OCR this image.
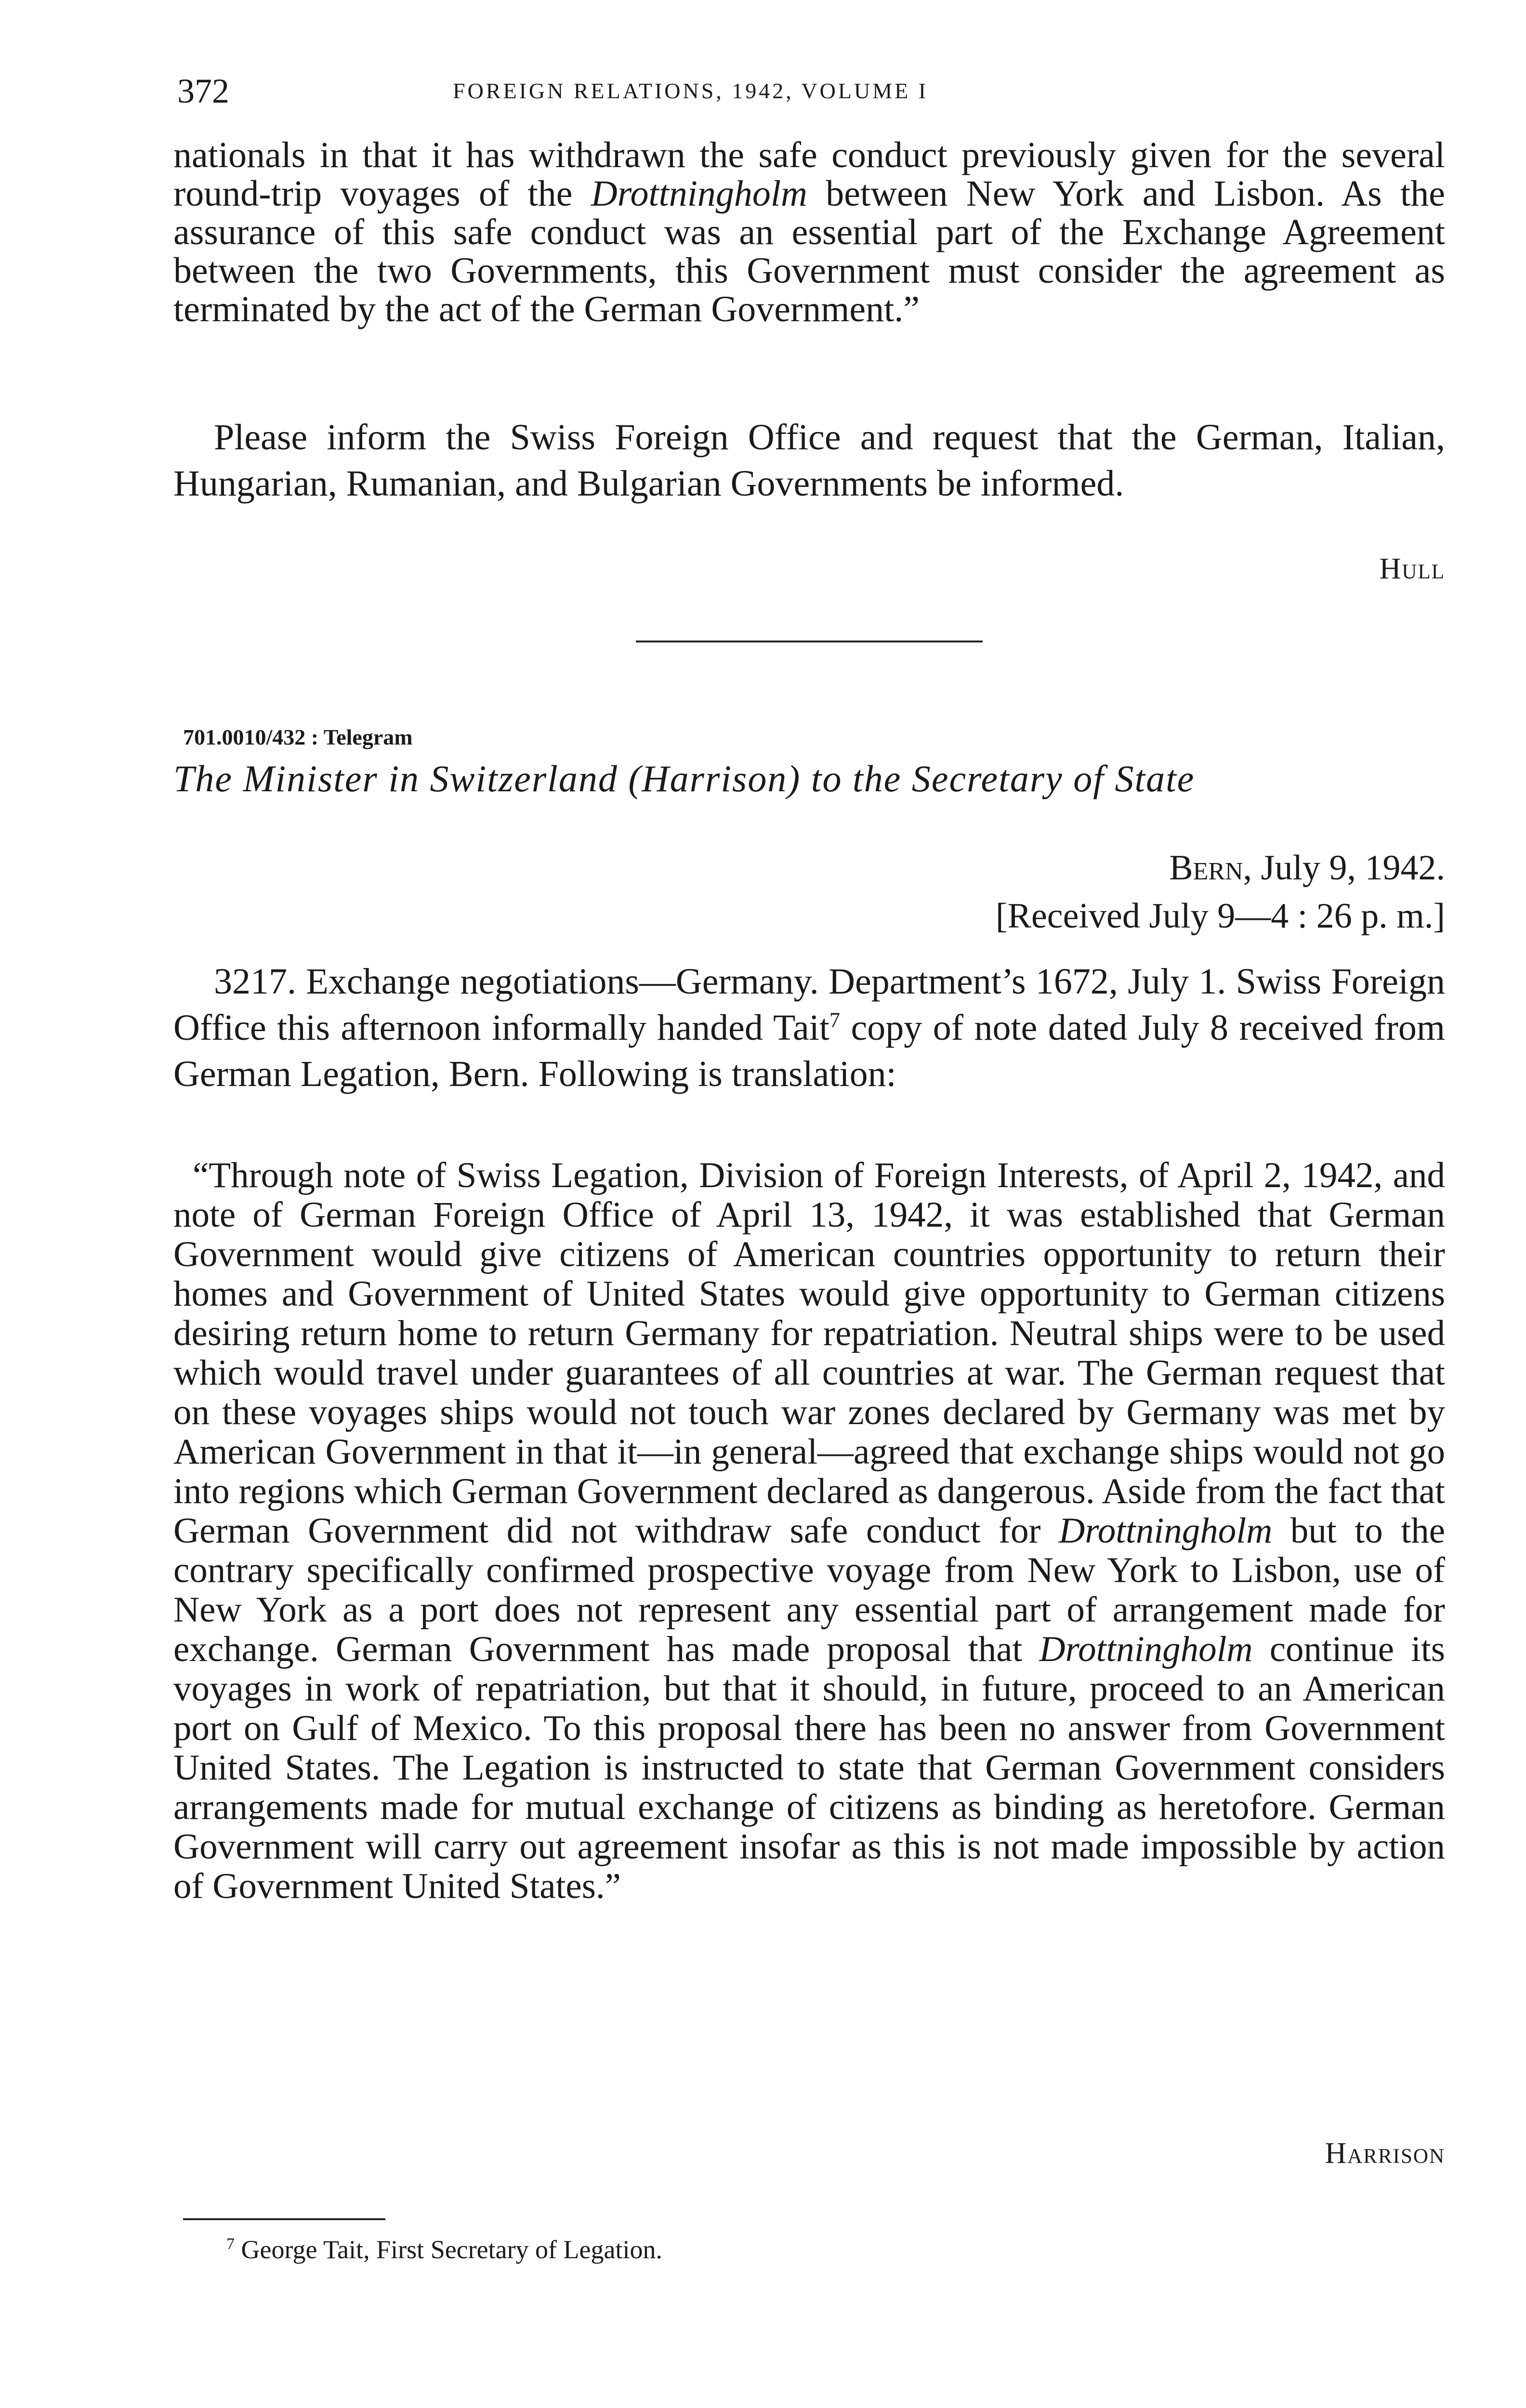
372	FOREIGN RELATIONS, 1942, VOLUME I

nationals in that it has withdrawn the safe conduct previously given for the several round-trip voyages of the Drottningholm between New York and Lisbon. As the assurance of this safe conduct was an essential part of the Exchange Agreement between the two Governments, this Government must consider the agreement as terminated by the act of the German Government.”

Please inform the Swiss Foreign Office and request that the German, Italian, Hungarian, Rumanian, and Bulgarian Governments be informed.

Hull
701.0010/432 : Telegram
The Minister in Switzerland (Harrison) to the Secretary of State
Bern, July 9, 1942.
[Received July 9—4 : 26 p. m.]

3217. Exchange negotiations—Germany. Department’s 1672, July 1. Swiss Foreign Office this afternoon informally handed Tait$^7$ copy of note dated July 8 received from German Legation, Bern. Following is translation:

“Through note of Swiss Legation, Division of Foreign Interests, of April 2, 1942, and note of German Foreign Office of April 13, 1942, it was established that German Government would give citizens of American countries opportunity to return their homes and Government of United States would give opportunity to German citizens desiring return home to return Germany for repatriation. Neutral ships were to be used which would travel under guarantees of all countries at war. The German request that on these voyages ships would not touch war zones declared by Germany was met by American Government in that it—in general—agreed that exchange ships would not go into regions which German Government declared as dangerous. Aside from the fact that German Government did not withdraw safe conduct for Drottningholm but to the contrary specifically confirmed prospective voyage from New York to Lisbon, use of New York as a port does not represent any essential part of arrangement made for exchange. German Government has made proposal that Drottningholm continue its voyages in work of repatriation, but that it should, in future, proceed to an American port on Gulf of Mexico. To this proposal there has been no answer from Government United States. The Legation is instructed to state that German Government considers arrangements made for mutual exchange of citizens as binding as heretofore. German Government will carry out agreement insofar as this is not made impossible by action of Government United States.”

Harrison
$^7$ George Tait, First Secretary of Legation.
